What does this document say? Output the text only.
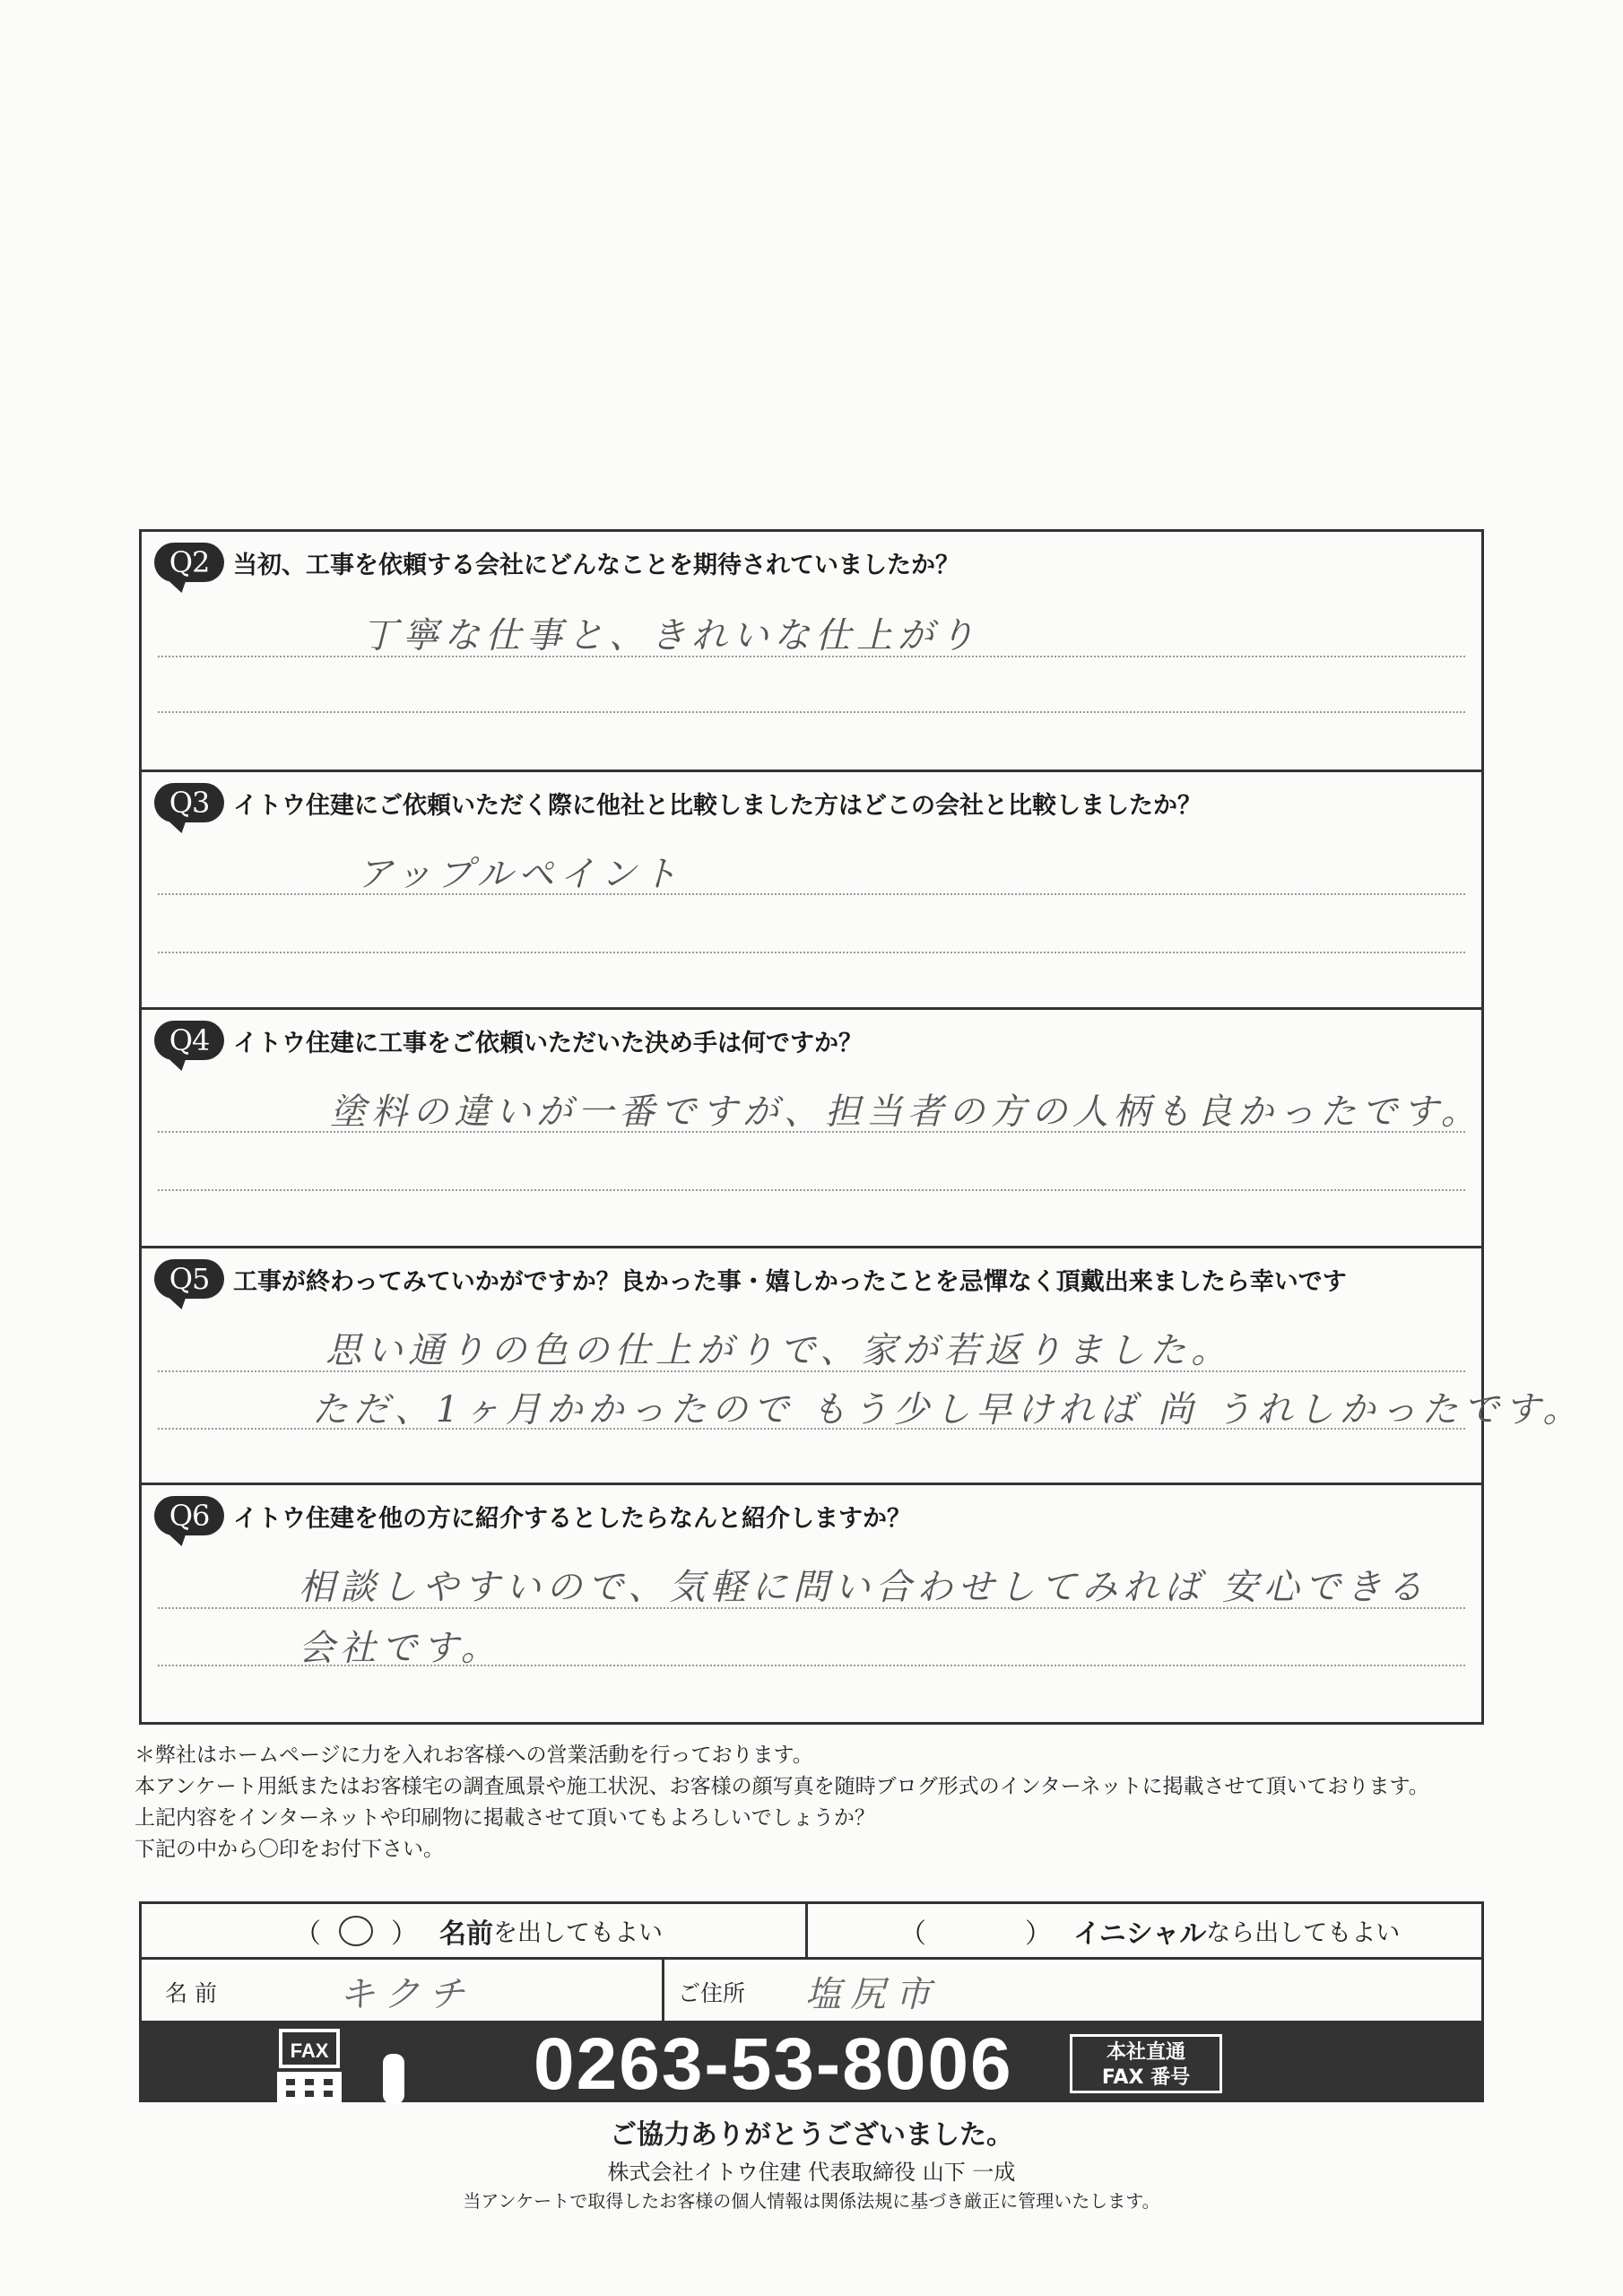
Q2 当初、工事を依頼する会社にどんなことを期待されていましたか？
丁寧な仕事と、きれいな仕上がり
Q3 イトウ住建にご依頼いただく際に他社と比較しました方はどこの会社と比較しましたか？
アップルペイント
Q4 イトウ住建に工事をご依頼いただいた決め手は何ですか？
塗料の違いが一番ですが、担当者の方の人柄も良かったです。
Q5 工事が終わってみていかがですか？良かった事・嬉しかったことを忌憚なく頂戴出来ましたら幸いです
思い通りの色の仕上がりで、家が若返りました。
ただ、1ヶ月かかったので もう少し早ければ 尚 うれしかったです。
Q6 イトウ住建を他の方に紹介するとしたらなんと紹介しますか？
相談しやすいので、気軽に問い合わせしてみれば 安心できる
会社です。
＊弊社はホームページに力を入れお客様への営業活動を行っております。
本アンケート用紙またはお客様宅の調査風景や施工状況、お客様の顔写真を随時ブログ形式のインターネットに掲載させて頂いております。
上記内容をインターネットや印刷物に掲載させて頂いてもよろしいでしょうか？
下記の中から〇印をお付下さい。
（ ○ ） 名前 を出してもよい	（	） イニシャル なら出してもよい
名 前	キクチ	ご住所 塩尻市
FAX	0263-53-8006	本社直通
FAX 番号
ご協力ありがとうございました。
株式会社イトウ住建 代表取締役 山下 一成
当アンケートで取得したお客様の個人情報は関係法規に基づき厳正に管理いたします。
